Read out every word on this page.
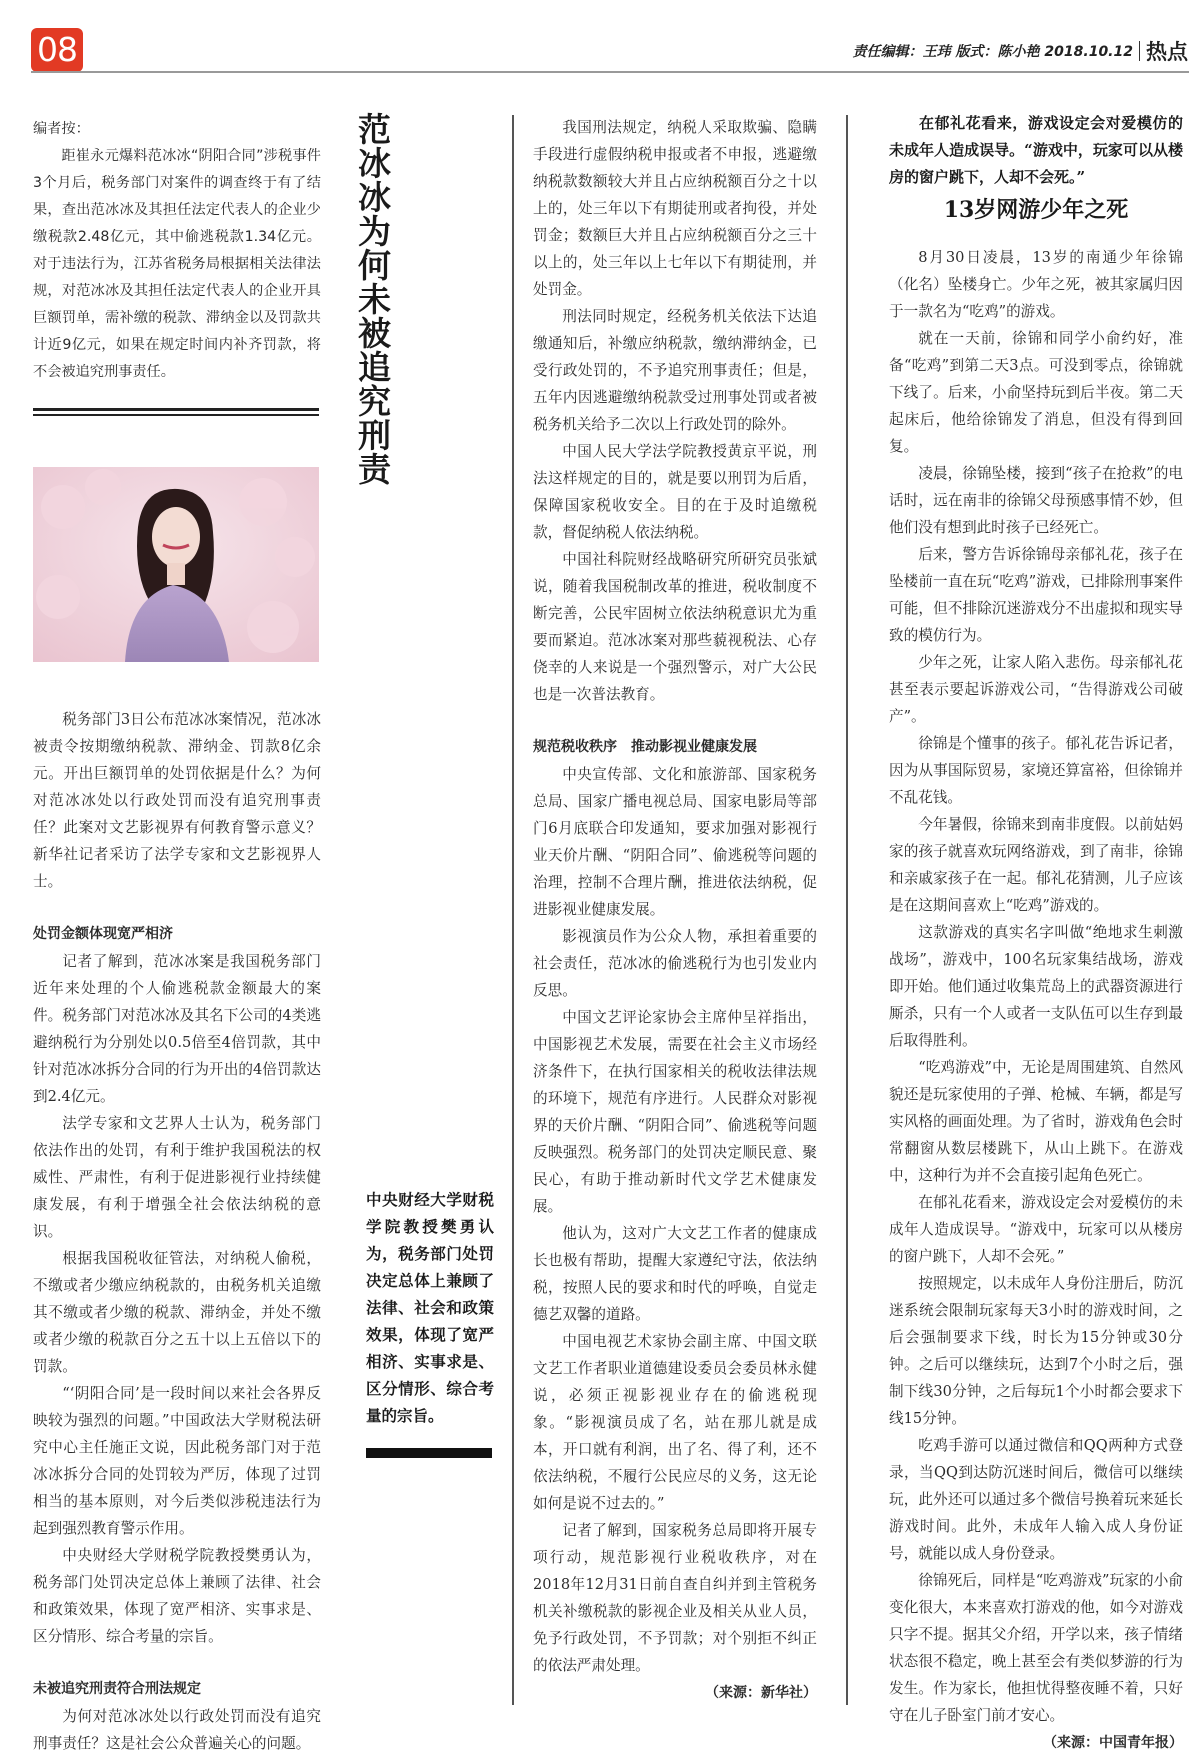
08	责任编辑：王玮 版式：陈小艳 2018.10.12 热点
编者按：

距崔永元爆料范冰冰“阴阳合同”涉税事件3个月后，税务部门对案件的调查终于有了结果，查出范冰冰及其担任法定代表人的企业少缴税款2.48亿元，其中偷逃税款1.34亿元。对于违法行为，江苏省税务局根据相关法律法规，对范冰冰及其担任法定代表人的企业开具巨额罚单，需补缴的税款、滞纳金以及罚款共计近9亿元，如果在规定时间内补齐罚款，将不会被追究刑事责任。

税务部门3日公布范冰冰案情况，范冰冰被责令按期缴纳税款、滞纳金、罚款8亿余元。开出巨额罚单的处罚依据是什么？为何对范冰冰处以行政处罚而没有追究刑事责任？此案对文艺影视界有何教育警示意义？新华社记者采访了法学专家和文艺影视界人士。

处罚金额体现宽严相济

记者了解到，范冰冰案是我国税务部门近年来处理的个人偷逃税款金额最大的案件。税务部门对范冰冰及其名下公司的4类逃避纳税行为分别处以0.5倍至4倍罚款，其中针对范冰冰拆分合同的行为开出的4倍罚款达到2.4亿元。

法学专家和文艺界人士认为，税务部门依法作出的处罚，有利于维护我国税法的权威性、严肃性，有利于促进影视行业持续健康发展，有利于增强全社会依法纳税的意识。

根据我国税收征管法，对纳税人偷税，不缴或者少缴应纳税款的，由税务机关追缴其不缴或者少缴的税款、滞纳金，并处不缴或者少缴的税款百分之五十以上五倍以下的罚款。

“‘阴阳合同’是一段时间以来社会各界反映较为强烈的问题。”中国政法大学财税法研究中心主任施正文说，因此税务部门对于范冰冰拆分合同的处罚较为严厉，体现了过罚相当的基本原则，对今后类似涉税违法行为起到强烈教育警示作用。

中央财经大学财税学院教授樊勇认为，税务部门处罚决定总体上兼顾了法律、社会和政策效果，体现了宽严相济、实事求是、区分情形、综合考量的宗旨。

未被追究刑责符合刑法规定

为何对范冰冰处以行政处罚而没有追究刑事责任？这是社会公众普遍关心的问题。

范冰冰为何未被追究刑责
中央财经大学财税学院教授樊勇认为，税务部门处罚决定总体上兼顾了法律、社会和政策效果，体现了宽严相济、实事求是、区分情形、综合考量的宗旨。

我国刑法规定，纳税人采取欺骗、隐瞒手段进行虚假纳税申报或者不申报，逃避缴纳税款数额较大并且占应纳税额百分之十以上的，处三年以下有期徒刑或者拘役，并处罚金；数额巨大并且占应纳税额百分之三十以上的，处三年以上七年以下有期徒刑，并处罚金。

刑法同时规定，经税务机关依法下达追缴通知后，补缴应纳税款，缴纳滞纳金，已受行政处罚的，不予追究刑事责任；但是，五年内因逃避缴纳税款受过刑事处罚或者被税务机关给予二次以上行政处罚的除外。

中国人民大学法学院教授黄京平说，刑法这样规定的目的，就是要以刑罚为后盾，保障国家税收安全。目的在于及时追缴税款，督促纳税人依法纳税。

中国社科院财经战略研究所研究员张斌说，随着我国税制改革的推进，税收制度不断完善，公民牢固树立依法纳税意识尤为重要而紧迫。范冰冰案对那些藐视税法、心存侥幸的人来说是一个强烈警示，对广大公民也是一次普法教育。

规范税收秩序　推动影视业健康发展

中央宣传部、文化和旅游部、国家税务总局、国家广播电视总局、国家电影局等部门6月底联合印发通知，要求加强对影视行业天价片酬、“阴阳合同”、偷逃税等问题的治理，控制不合理片酬，推进依法纳税，促进影视业健康发展。

影视演员作为公众人物，承担着重要的社会责任，范冰冰的偷逃税行为也引发业内反思。

中国文艺评论家协会主席仲呈祥指出，中国影视艺术发展，需要在社会主义市场经济条件下，在执行国家相关的税收法律法规的环境下，规范有序进行。人民群众对影视界的天价片酬、“阴阳合同”、偷逃税等问题反映强烈。税务部门的处罚决定顺民意、聚民心，有助于推动新时代文学艺术健康发展。

他认为，这对广大文艺工作者的健康成长也极有帮助，提醒大家遵纪守法，依法纳税，按照人民的要求和时代的呼唤，自觉走德艺双馨的道路。

中国电视艺术家协会副主席、中国文联文艺工作者职业道德建设委员会委员林永健说，必须正视影视业存在的偷逃税现象。“影视演员成了名，站在那儿就是成本，开口就有利润，出了名、得了利，还不依法纳税，不履行公民应尽的义务，这无论如何是说不过去的。”

记者了解到，国家税务总局即将开展专项行动，规范影视行业税收秩序，对在2018年12月31日前自查自纠并到主管税务机关补缴税款的影视企业及相关从业人员，免予行政处罚，不予罚款；对个别拒不纠正的依法严肃处理。

（来源：新华社）

在郁礼花看来，游戏设定会对爱模仿的未成年人造成误导。“游戏中，玩家可以从楼房的窗户跳下，人却不会死。”

13岁网游少年之死

8月30日凌晨，13岁的南通少年徐锦（化名）坠楼身亡。少年之死，被其家属归因于一款名为“吃鸡”的游戏。

就在一天前，徐锦和同学小俞约好，准备“吃鸡”到第二天3点。可没到零点，徐锦就下线了。后来，小俞坚持玩到后半夜。第二天起床后，他给徐锦发了消息，但没有得到回复。

凌晨，徐锦坠楼，接到“孩子在抢救”的电话时，远在南非的徐锦父母预感事情不妙，但他们没有想到此时孩子已经死亡。

后来，警方告诉徐锦母亲郁礼花，孩子在坠楼前一直在玩“吃鸡”游戏，已排除刑事案件可能，但不排除沉迷游戏分不出虚拟和现实导致的模仿行为。

少年之死，让家人陷入悲伤。母亲郁礼花甚至表示要起诉游戏公司，“告得游戏公司破产”。

徐锦是个懂事的孩子。郁礼花告诉记者，因为从事国际贸易，家境还算富裕，但徐锦并不乱花钱。

今年暑假，徐锦来到南非度假。以前姑妈家的孩子就喜欢玩网络游戏，到了南非，徐锦和亲戚家孩子在一起。郁礼花猜测，儿子应该是在这期间喜欢上“吃鸡”游戏的。

这款游戏的真实名字叫做“绝地求生刺激战场”，游戏中，100名玩家集结战场，游戏即开始。他们通过收集荒岛上的武器资源进行厮杀，只有一个人或者一支队伍可以生存到最后取得胜利。

“吃鸡游戏”中，无论是周围建筑、自然风貌还是玩家使用的子弹、枪械、车辆，都是写实风格的画面处理。为了省时，游戏角色会时常翻窗从数层楼跳下，从山上跳下。在游戏中，这种行为并不会直接引起角色死亡。

在郁礼花看来，游戏设定会对爱模仿的未成年人造成误导。“游戏中，玩家可以从楼房的窗户跳下，人却不会死。”

按照规定，以未成年人身份注册后，防沉迷系统会限制玩家每天3小时的游戏时间，之后会强制要求下线，时长为15分钟或30分钟。之后可以继续玩，达到7个小时之后，强制下线30分钟，之后每玩1个小时都会要求下线15分钟。

吃鸡手游可以通过微信和QQ两种方式登录，当QQ到达防沉迷时间后，微信可以继续玩，此外还可以通过多个微信号换着玩来延长游戏时间。此外，未成年人输入成人身份证号，就能以成人身份登录。

徐锦死后，同样是“吃鸡游戏”玩家的小俞变化很大，本来喜欢打游戏的他，如今对游戏只字不提。据其父介绍，开学以来，孩子情绪状态很不稳定，晚上甚至会有类似梦游的行为发生。作为家长，他担忧得整夜睡不着，只好守在儿子卧室门前才安心。

（来源：中国青年报）
